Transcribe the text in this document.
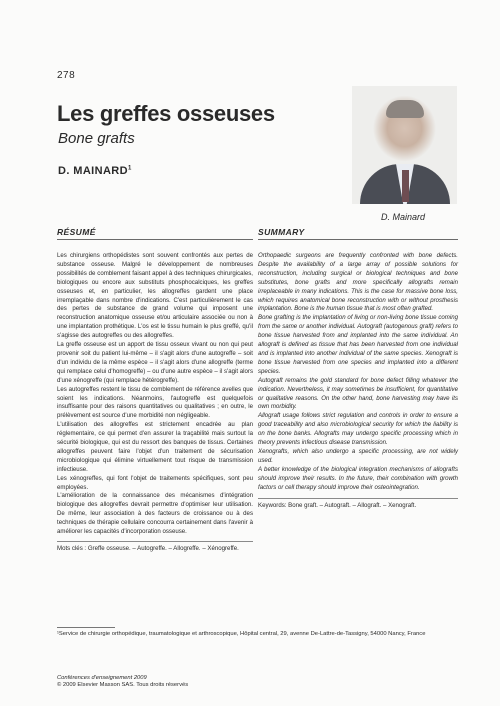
278
Les greffes osseuses
Bone grafts
D. MAINARD$^1$
D. Mainard
RÉSUMÉ

Les chirurgiens orthopédistes sont souvent confrontés aux pertes de substance osseuse. Malgré le développement de nombreuses possibilités de comblement faisant appel à des techniques chirurgicales, biologiques ou encore aux substituts phosphocalciques, les greffes osseuses et, en particulier, les allogreffes gardent une place irremplaçable dans nombre d'indications. C'est particulièrement le cas des pertes de substance de grand volume qui imposent une reconstruction anatomique osseuse et/ou articulaire associée ou non à une implantation prothétique. L'os est le tissu humain le plus greffé, qu'il s'agisse des autogreffes ou des allogreffes.

La greffe osseuse est un apport de tissu osseux vivant ou non qui peut provenir soit du patient lui-même – il s'agit alors d'une autogreffe – soit d'un individu de la même espèce – il s'agit alors d'une allogreffe (terme qui remplace celui d'homogreffe) – ou d'une autre espèce – il s'agit alors d'une xénogreffe (qui remplace hétérogreffe).

Les autogreffes restent le tissu de comblement de référence avelles que soient les indications. Néanmoins, l'autogreffe est quelquefois insuffisante pour des raisons quantitatives ou qualitatives ; en outre, le prélèvement est source d'une morbidité non négligeable.

L'utilisation des allogreffes est strictement encadrée au plan réglementaire, ce qui permet d'en assurer la traçabilité mais surtout la sécurité biologique, qui est du ressort des banques de tissus. Certaines allogreffes peuvent faire l'objet d'un traitement de sécurisation microbiologique qui élimine virtuellement tout risque de transmission infectieuse.

Les xénogreffes, qui font l'objet de traitements spécifiques, sont peu employées.

L'amélioration de la connaissance des mécanismes d'intégration biologique des allogreffes devrait permettre d'optimiser leur utilisation. De même, leur association à des facteurs de croissance ou à des techniques de thérapie cellulaire concourra certainement dans l'avenir à améliorer les capacités d'incorporation osseuse.

Mots clés : Greffe osseuse. – Autogreffe. – Allogreffe. – Xénogreffe.
SUMMARY

Orthopaedic surgeons are frequently confronted with bone defects. Despite the availability of a large array of possible solutions for reconstruction, including surgical or biological techniques and bone substitutes, bone grafts and more specifically allografts remain irreplaceable in many indications. This is the case for massive bone loss, which requires anatomical bone reconstruction with or without prosthesis implantation. Bone is the human tissue that is most often grafted.

Bone grafting is the implantation of living or non-living bone tissue coming from the same or another individual. Autograft (autogenous graft) refers to bone tissue harvested from and implanted into the same individual. An allograft is defined as tissue that has been harvested from one individual and is implanted into another individual of the same species. Xenograft is bone tissue harvested from one species and implanted into a different species.

Autograft remains the gold standard for bone defect filling whatever the indication. Nevertheless, it may sometimes be insufficient, for quantitative or qualitative reasons. On the other hand, bone harvesting may have its own morbidity.

Allograft usage follows strict regulation and controls in order to ensure a good traceability and also microbiological security for which the liability is on the bone banks. Allografts may undergo specific processing which in theory prevents infectious disease transmission.

Xenografts, which also undergo a specific processing, are not widely used.

A better knowledge of the biological integration mechanisms of allografts should improve their results. In the future, their combination with growth factors or cell therapy should improve their osteointegration.

Keywords: Bone graft. – Autograft. – Allograft. – Xenograft.
¹Service de chirurgie orthopédique, traumatologique et arthroscopique, Hôpital central, 29, avenne De-Lattre-de-Tassigny, 54000 Nancy, France
Conférences d'enseignement 2009
© 2009 Elsevier Masson SAS. Tous droits réservés
